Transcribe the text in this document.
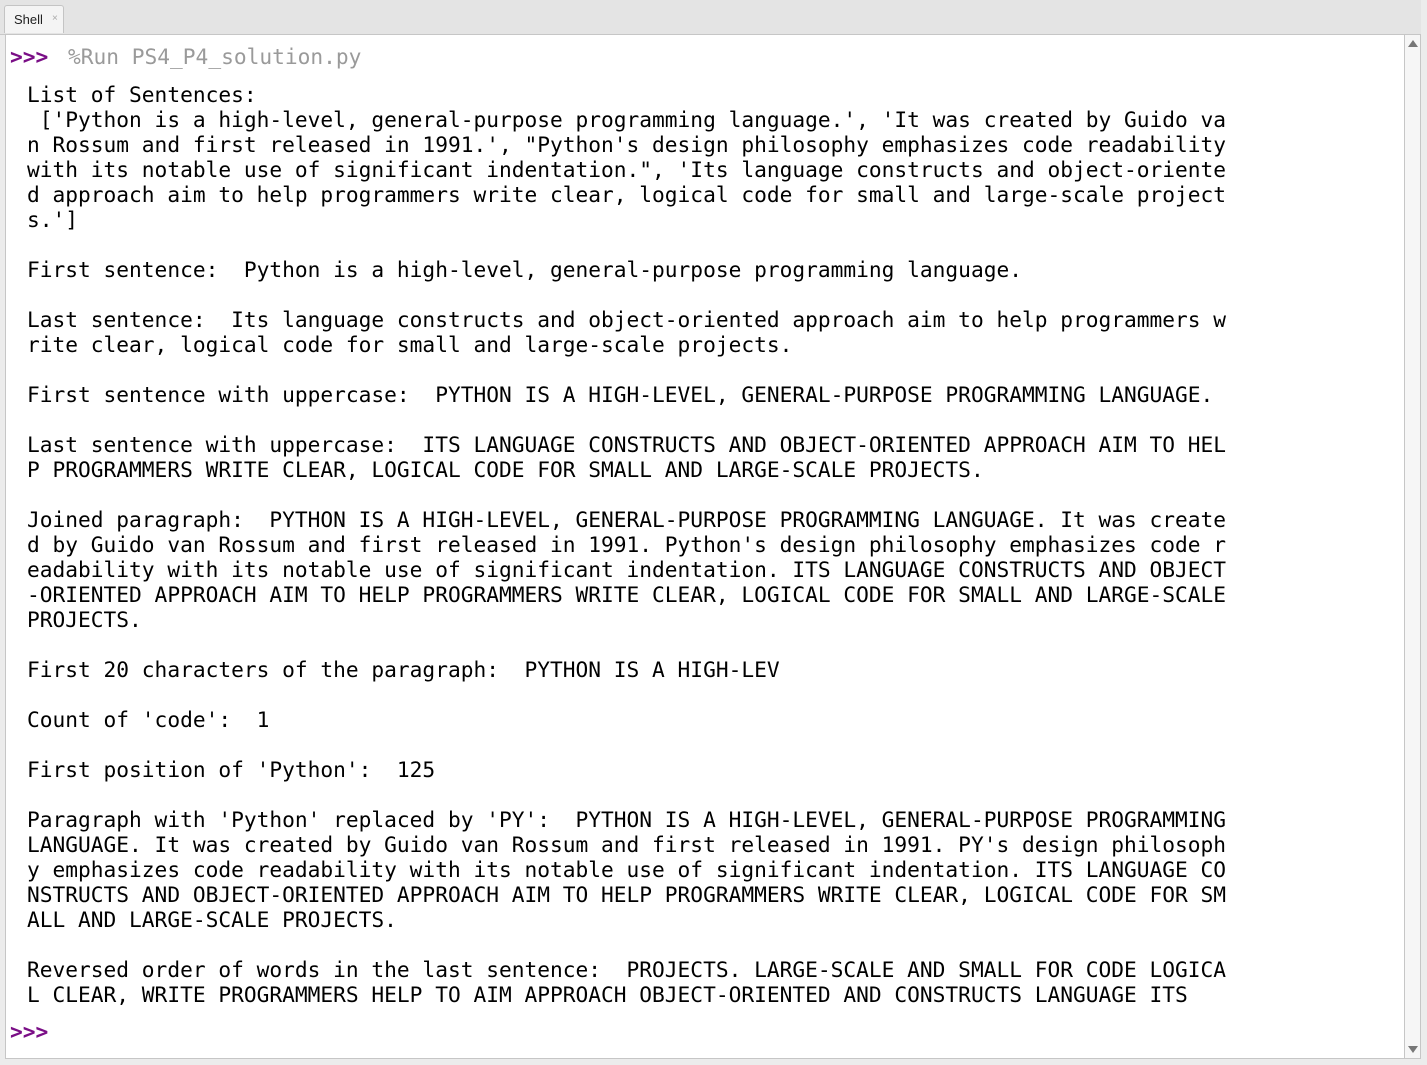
Shell ×
>>> %Run PS4_P4_solution.py
List of Sentences:
['Python is a high-level, general-purpose programming language.', 'It was created by Guido va
n Rossum and first released in 1991.', "Python's design philosophy emphasizes code readability
with its notable use of significant indentation.", 'Its language constructs and object-oriente
d approach aim to help programmers write clear, logical code for small and large-scale project
s.']
First sentence:  Python is a high-level, general-purpose programming language.
Last sentence:  Its language constructs and object-oriented approach aim to help programmers w
rite clear, logical code for small and large-scale projects.
First sentence with uppercase:  PYTHON IS A HIGH-LEVEL, GENERAL-PURPOSE PROGRAMMING LANGUAGE.
Last sentence with uppercase:  ITS LANGUAGE CONSTRUCTS AND OBJECT-ORIENTED APPROACH AIM TO HEL
P PROGRAMMERS WRITE CLEAR, LOGICAL CODE FOR SMALL AND LARGE-SCALE PROJECTS.
Joined paragraph:  PYTHON IS A HIGH-LEVEL, GENERAL-PURPOSE PROGRAMMING LANGUAGE. It was create
d by Guido van Rossum and first released in 1991. Python's design philosophy emphasizes code r
eadability with its notable use of significant indentation. ITS LANGUAGE CONSTRUCTS AND OBJECT
-ORIENTED APPROACH AIM TO HELP PROGRAMMERS WRITE CLEAR, LOGICAL CODE FOR SMALL AND LARGE-SCALE
PROJECTS.
First 20 characters of the paragraph:  PYTHON IS A HIGH-LEV
Count of 'code':  1
First position of 'Python':  125
Paragraph with 'Python' replaced by 'PY':  PYTHON IS A HIGH-LEVEL, GENERAL-PURPOSE PROGRAMMING
LANGUAGE. It was created by Guido van Rossum and first released in 1991. PY's design philosoph
y emphasizes code readability with its notable use of significant indentation. ITS LANGUAGE CO
NSTRUCTS AND OBJECT-ORIENTED APPROACH AIM TO HELP PROGRAMMERS WRITE CLEAR, LOGICAL CODE FOR SM
ALL AND LARGE-SCALE PROJECTS.
Reversed order of words in the last sentence:  PROJECTS. LARGE-SCALE AND SMALL FOR CODE LOGICA
L CLEAR, WRITE PROGRAMMERS HELP TO AIM APPROACH OBJECT-ORIENTED AND CONSTRUCTS LANGUAGE ITS
>>>
